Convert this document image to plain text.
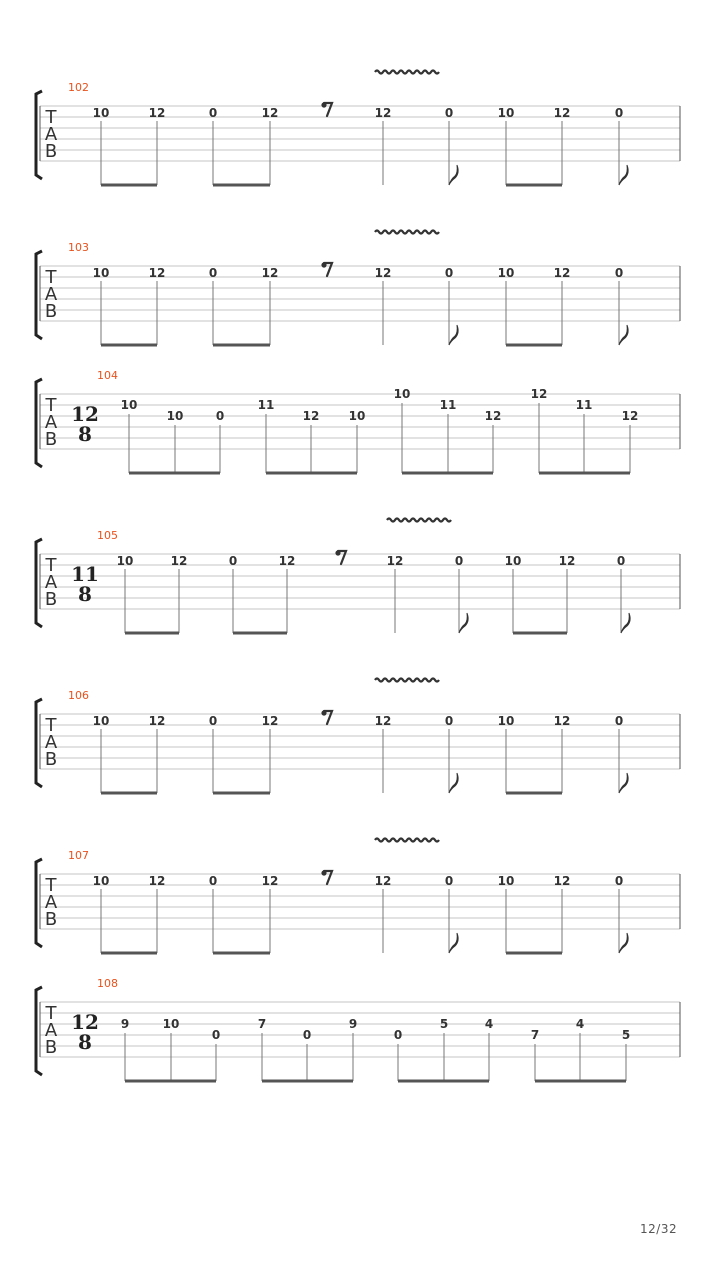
T
A
B
102
10	12	0	12	12	0	10	12	0
T
A
B
103
10	12	0	12	12	0	10	12	0
T
A
B
104
12
8
10
10	0
11
12 10
10
11
12
12
11
12
T
A
B
105
11
8
10	12	0	12	12	0	10	12	0
T
A
B
106
10	12	0	12	12	0	10	12	0
T
A
B
107
10	12	0	12	12	0	10	12	0
T
A
B
108
12
8
9	10
0
7
0
9
0
5	4
7
4
5
12/32
